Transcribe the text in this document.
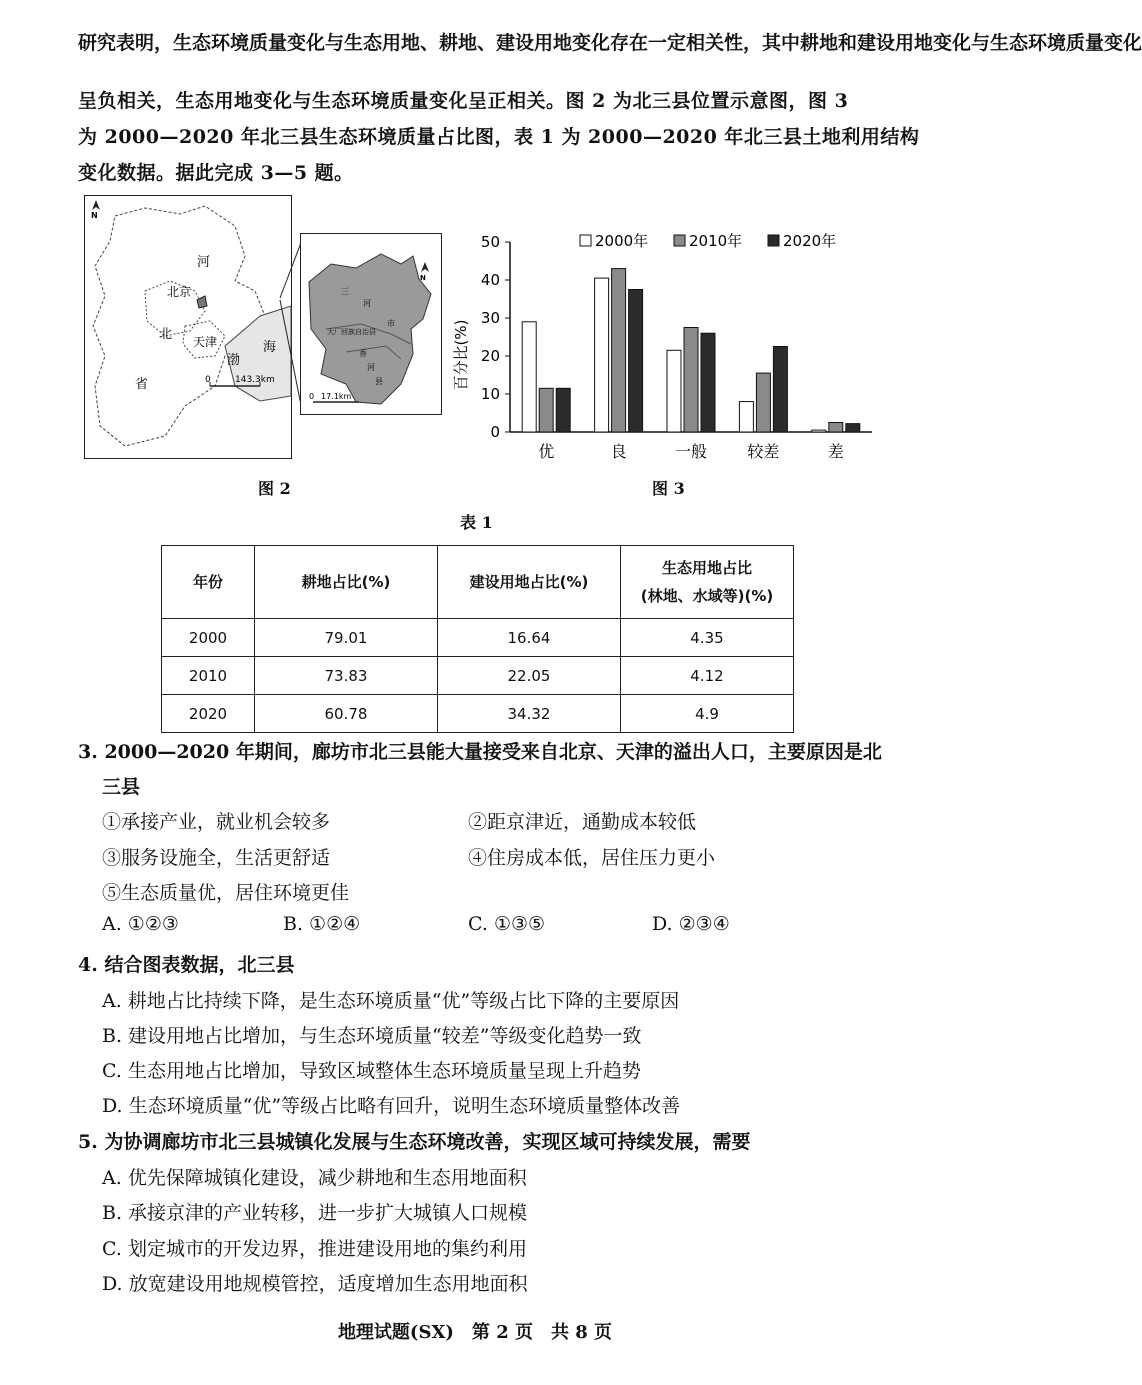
研究表明，生态环境质量变化与生态用地、耕地、建设用地变化存在一定相关性，其中耕地和建设用地变化与生态环境质量变化
呈负相关，生态用地变化与生态环境质量变化呈正相关。图 2 为北三县位置示意图，图 3
为 2000—2020 年北三县生态环境质量占比图，表 1 为 2000—2020 年北三县土地利用结构
变化数据。据此完成 3—5 题。
N
河
北京
北 天津
省
渤
海
0	143.3km
N
三
河
市
大厂回族自治县
香
河
县
0 17.1km
图 2
百分比(%)
2000年	2010年	2020年
0
10
20
30
40
50
优	良	一般	较差	差
图 3
表 1
年份	耕地占比(%)	建设用地占比(%)	生态用地占比
(林地、水域等)(%)
2000	79.01	16.64	4.35
2010	73.83	22.05	4.12
2020	60.78	34.32	4.9
3. 2000—2020 年期间，廊坊市北三县能大量接受来自北京、天津的溢出人口，主要原因是北
三县
①承接产业，就业机会较多	②距京津近，通勤成本较低
③服务设施全，生活更舒适	④住房成本低，居住压力更小
⑤生态质量优，居住环境更佳
A. ①②③	B. ①②④	C. ①③⑤	D. ②③④
4. 结合图表数据，北三县
A. 耕地占比持续下降，是生态环境质量“优”等级占比下降的主要原因
B. 建设用地占比增加，与生态环境质量“较差”等级变化趋势一致
C. 生态用地占比增加，导致区域整体生态环境质量呈现上升趋势
D. 生态环境质量“优”等级占比略有回升，说明生态环境质量整体改善
5. 为协调廊坊市北三县城镇化发展与生态环境改善，实现区域可持续发展，需要
A. 优先保障城镇化建设，减少耕地和生态用地面积
B. 承接京津的产业转移，进一步扩大城镇人口规模
C. 划定城市的开发边界，推进建设用地的集约利用
D. 放宽建设用地规模管控，适度增加生态用地面积
地理试题(SX)　第 2 页　共 8 页
